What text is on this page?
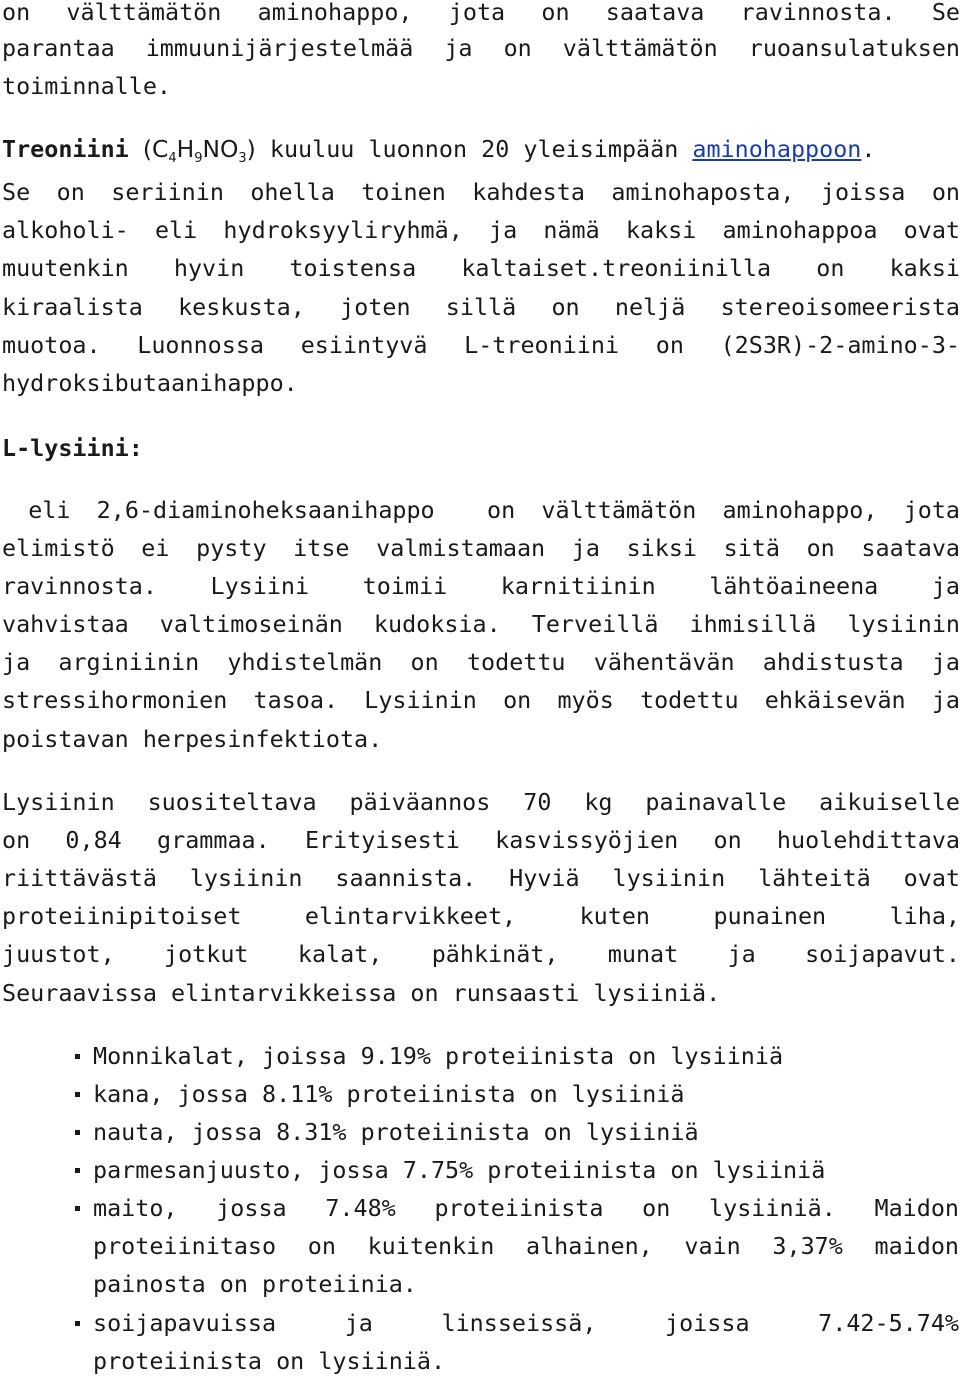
on välttämätön aminohappo, jota on saatava ravinnosta. Se
parantaa immuunijärjestelmää ja on välttämätön ruoansulatuksen
toiminnalle.
Treoniini $(C_4H_9NO_3)$ kuuluu luonnon 20 yleisimpään aminohappoon.
Se on seriinin ohella toinen kahdesta aminohaposta, joissa on
alkoholi- eli hydroksyyliryhmä, ja nämä kaksi aminohappoa ovat
muutenkin hyvin toistensa kaltaiset.treoniinilla on kaksi
kiraalista keskusta, joten sillä on neljä stereoisomeerista
muotoa. Luonnossa esiintyvä L-treoniini on (2S3R)-2-amino-3-
hydroksibutaanihappo.
L-lysiini:
eli 2,6-diaminoheksaanihappo  on välttämätön aminohappo, jota
elimistö ei pysty itse valmistamaan ja siksi sitä on saatava
ravinnosta. Lysiini toimii karnitiinin lähtöaineena ja
vahvistaa valtimoseinän kudoksia. Terveillä ihmisillä lysiinin
ja arginiinin yhdistelmän on todettu vähentävän ahdistusta ja
stressihormonien tasoa. Lysiinin on myös todettu ehkäisevän ja
poistavan herpesinfektiota.
Lysiinin suositeltava päiväannos 70 kg painavalle aikuiselle
on 0,84 grammaa. Erityisesti kasvissyöjien on huolehdittava
riittävästä lysiinin saannista. Hyviä lysiinin lähteitä ovat
proteiinipitoiset elintarvikkeet, kuten punainen liha,
juustot, jotkut kalat, pähkinät, munat ja soijapavut.
Seuraavissa elintarvikkeissa on runsaasti lysiiniä.
Monnikalat, joissa 9.19% proteiinista on lysiiniä
kana, jossa 8.11% proteiinista on lysiiniä
nauta, jossa 8.31% proteiinista on lysiiniä
parmesanjuusto, jossa 7.75% proteiinista on lysiiniä
maito, jossa 7.48% proteiinista on lysiiniä. Maidon
proteiinitaso on kuitenkin alhainen, vain 3,37% maidon
painosta on proteiinia.
soijapavuissa ja linsseissä, joissa 7.42-5.74%
proteiinista on lysiiniä.
